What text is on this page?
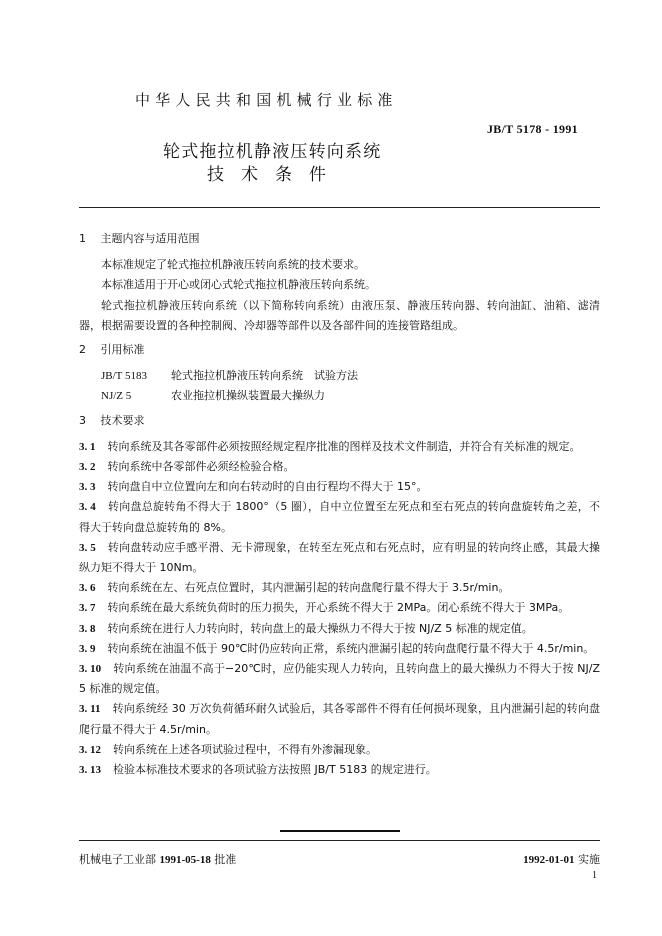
中华人民共和国机械行业标准
JB/T 5178 - 1991
轮式拖拉机静液压转向系统
技术条件

1 主题内容与适用范围

本标准规定了轮式拖拉机静液压转向系统的技术要求。

本标准适用于开心或闭心式轮式拖拉机静液压转向系统。

轮式拖拉机静液压转向系统（以下简称转向系统）由液压泵、静液压转向器、转向油缸、油箱、滤清器，根据需要设置的各种控制阀、冷却器等部件以及各部件间的连接管路组成。

2 引用标准

JB/T 5183	轮式拖拉机静液压转向系统　试验方法
NJ/Z 5	农业拖拉机操纵装置最大操纵力

3 技术要求

3. 1 转向系统及其各零部件必须按照经规定程序批准的图样及技术文件制造，并符合有关标准的规定。

3. 2 转向系统中各零部件必须经检验合格。

3. 3 转向盘自中立位置向左和向右转动时的自由行程均不得大于 15°。

3. 4 转向盘总旋转角不得大于 1800°（5 圈），自中立位置至左死点和至右死点的转向盘旋转角之差，不得大于转向盘总旋转角的 8%。

3. 5 转向盘转动应手感平滑、无卡滞现象，在转至左死点和右死点时，应有明显的转向终止感，其最大操纵力矩不得大于 10Nm。

3. 6 转向系统在左、右死点位置时，其内泄漏引起的转向盘爬行量不得大于 3.5r/min。

3. 7 转向系统在最大系统负荷时的压力损失，开心系统不得大于 2MPa。闭心系统不得大于 3MPa。

3. 8 转向系统在进行人力转向时，转向盘上的最大操纵力不得大于按 NJ/Z 5 标准的规定值。

3. 9 转向系统在油温不低于 90℃时仍应转向正常，系统内泄漏引起的转向盘爬行量不得大于 4.5r/min。

3. 10 转向系统在油温不高于−20℃时，应仍能实现人力转向，且转向盘上的最大操纵力不得大于按 NJ/Z 5 标准的规定值。

3. 11 转向系统经 30 万次负荷循环耐久试验后，其各零部件不得有任何损坏现象，且内泄漏引起的转向盘爬行量不得大于 4.5r/min。

3. 12 转向系统在上述各项试验过程中，不得有外渗漏现象。

3. 13 检验本标准技术要求的各项试验方法按照 JB/T 5183 的规定进行。

机械电子工业部 1991-05-18 批准	1992-01-01 实施
1
